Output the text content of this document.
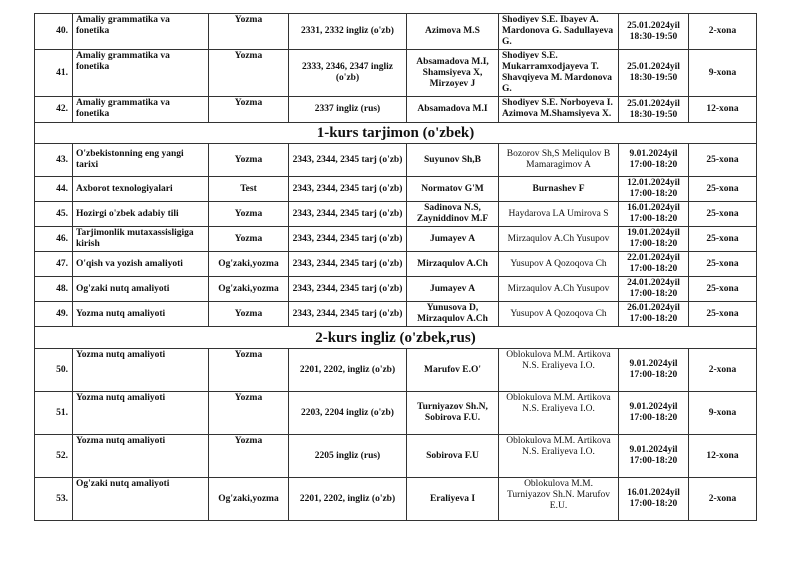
40.	Amaliy grammatika va fonetika	Yozma	2331, 2332 ingliz (o'zb)	Azimova M.S	Shodiyev S.E. Ibayev A. Mardonova G. Sadullayeva G.	25.01.2024yil 18:30-19:50	2-xona
41.	Amaliy grammatika va fonetika	Yozma	2333, 2346, 2347 ingliz (o'zb)	Absamadova M.I, Shamsiyeva X, Mirzoyev J	Shodiyev S.E. Mukarramxodjayeva T. Shavqiyeva M. Mardonova G.	25.01.2024yil 18:30-19:50	9-xona
42.	Amaliy grammatika va fonetika	Yozma	2337 ingliz (rus)	Absamadova M.I	Shodiyev S.E. Norboyeva I. Azimova M.Shamsiyeva X.	25.01.2024yil 18:30-19:50	12-xona
1-kurs tarjimon (o'zbek)							
43.	O'zbekistonning eng yangi tarixi	Yozma	2343, 2344, 2345 tarj (o'zb)	Suyunov Sh,B	Bozorov Sh,S Meliqulov B Mamaragimov A	9.01.2024yil 17:00-18:20	25-xona
44.	Axborot texnologiyalari	Test	2343, 2344, 2345 tarj (o'zb)	Normatov G'M	Burnashev F	12.01.2024yil 17:00-18:20	25-xona
45.	Hozirgi o'zbek adabiy tili	Yozma	2343, 2344, 2345 tarj (o'zb)	Sadinova N.S, Zayniddinov M.F	Haydarova LA Umirova S	16.01.2024yil 17:00-18:20	25-xona
46.	Tarjimonlik mutaxassisligiga kirish	Yozma	2343, 2344, 2345 tarj (o'zb)	Jumayev A	Mirzaqulov A.Ch Yusupov	19.01.2024yil 17:00-18:20	25-xona
47.	O'qish va yozish amaliyoti	Og'zaki,yozma	2343, 2344, 2345 tarj (o'zb)	Mirzaqulov A.Ch	Yusupov A Qozoqova Ch	22.01.2024yil 17:00-18:20	25-xona
48.	Og'zaki nutq amaliyoti	Og'zaki,yozma	2343, 2344, 2345 tarj (o'zb)	Jumayev A	Mirzaqulov A.Ch Yusupov	24.01.2024yil 17:00-18:20	25-xona
49.	Yozma nutq amaliyoti	Yozma	2343, 2344, 2345 tarj (o'zb)	Yunusova D, Mirzaqulov A.Ch	Yusupov A Qozoqova Ch	26.01.2024yil 17:00-18:20	25-xona
2-kurs ingliz (o'zbek,rus)							
50.	Yozma nutq amaliyoti	Yozma	2201, 2202, ingliz (o'zb)	Marufov E.O'	Oblokulova M.M. Artikova N.S. Eraliyeva I.O.	9.01.2024yil 17:00-18:20	2-xona
51.	Yozma nutq amaliyoti	Yozma	2203, 2204 ingliz (o'zb)	Turniyazov Sh.N, Sobirova F.U.	Oblokulova M.M. Artikova N.S. Eraliyeva I.O.	9.01.2024yil 17:00-18:20	9-xona
52.	Yozma nutq amaliyoti	Yozma	2205 ingliz (rus)	Sobirova F.U	Oblokulova M.M. Artikova N.S. Eraliyeva I.O.	9.01.2024yil 17:00-18:20	12-xona
53.	Og'zaki nutq amaliyoti	Og'zaki,yozma	2201, 2202, ingliz (o'zb)	Eraliyeva I	Oblokulova M.M. Turniyazov Sh.N. Marufov E.U.	16.01.2024yil 17:00-18:20	2-xona
